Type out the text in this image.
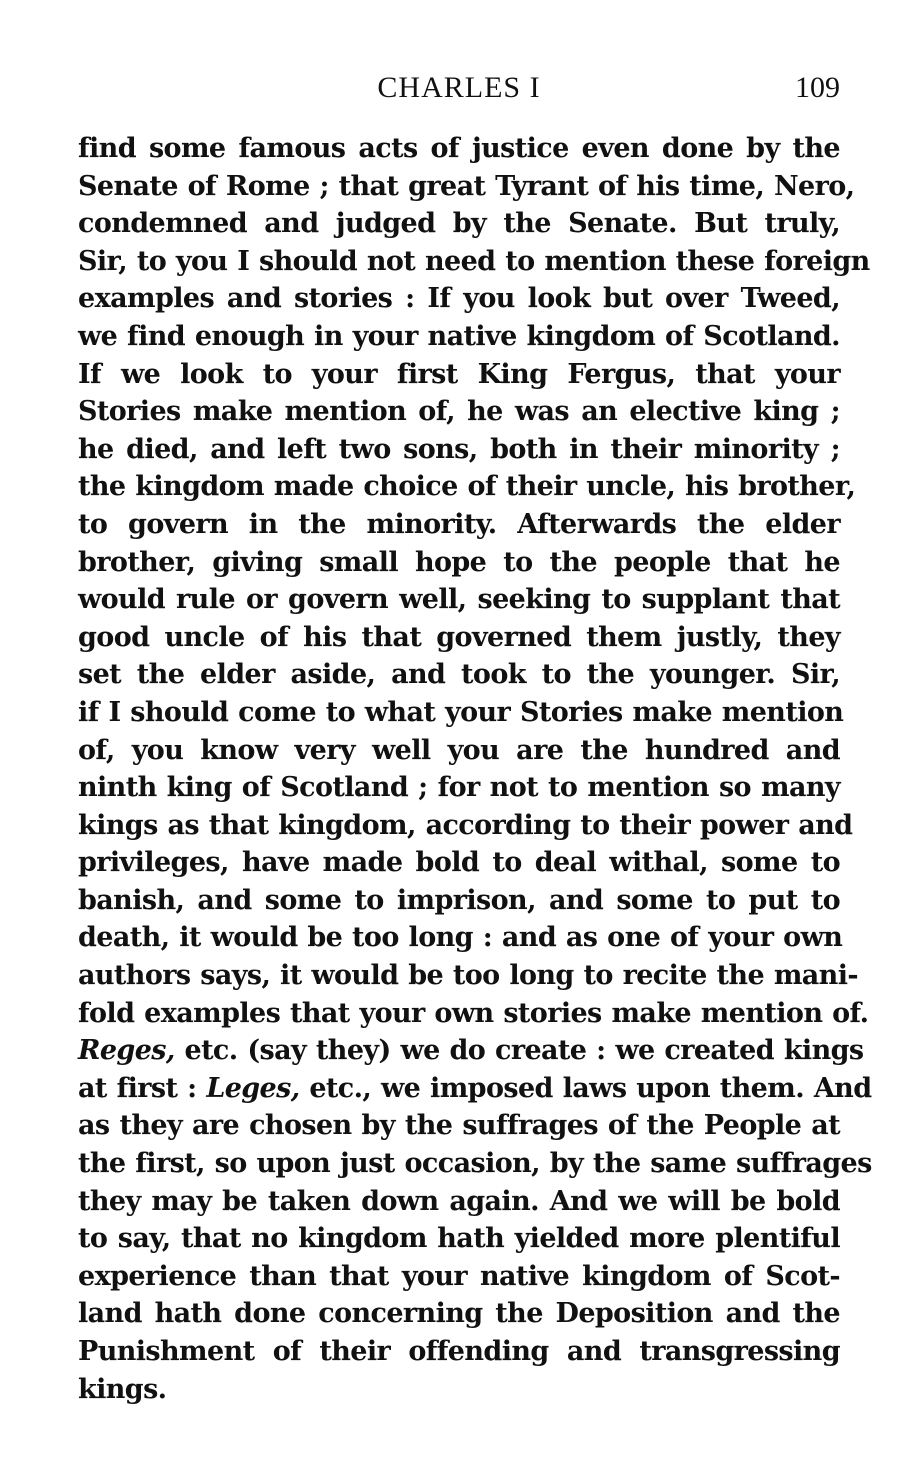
CHARLES I	109
find some famous acts of justice even done by the
Senate of Rome ; that great Tyrant of his time, Nero,
condemned and judged by the Senate. But truly,
Sir, to you I should not need to mention these foreign
examples and stories : If you look but over Tweed,
we find enough in your native kingdom of Scotland.
If we look to your first King Fergus, that your
Stories make mention of, he was an elective king ;
he died, and left two sons, both in their minority ;
the kingdom made choice of their uncle, his brother,
to govern in the minority. Afterwards the elder
brother, giving small hope to the people that he
would rule or govern well, seeking to supplant that
good uncle of his that governed them justly, they
set the elder aside, and took to the younger. Sir,
if I should come to what your Stories make mention
of, you know very well you are the hundred and
ninth king of Scotland ; for not to mention so many
kings as that kingdom, according to their power and
privileges, have made bold to deal withal, some to
banish, and some to imprison, and some to put to
death, it would be too long : and as one of your own
authors says, it would be too long to recite the mani-
fold examples that your own stories make mention of.
Reges, etc. (say they) we do create : we created kings
at first : Leges, etc., we imposed laws upon them. And
as they are chosen by the suffrages of the People at
the first, so upon just occasion, by the same suffrages
they may be taken down again. And we will be bold
to say, that no kingdom hath yielded more plentiful
experience than that your native kingdom of Scot-
land hath done concerning the Deposition and the
Punishment of their offending and transgressing
kings.
